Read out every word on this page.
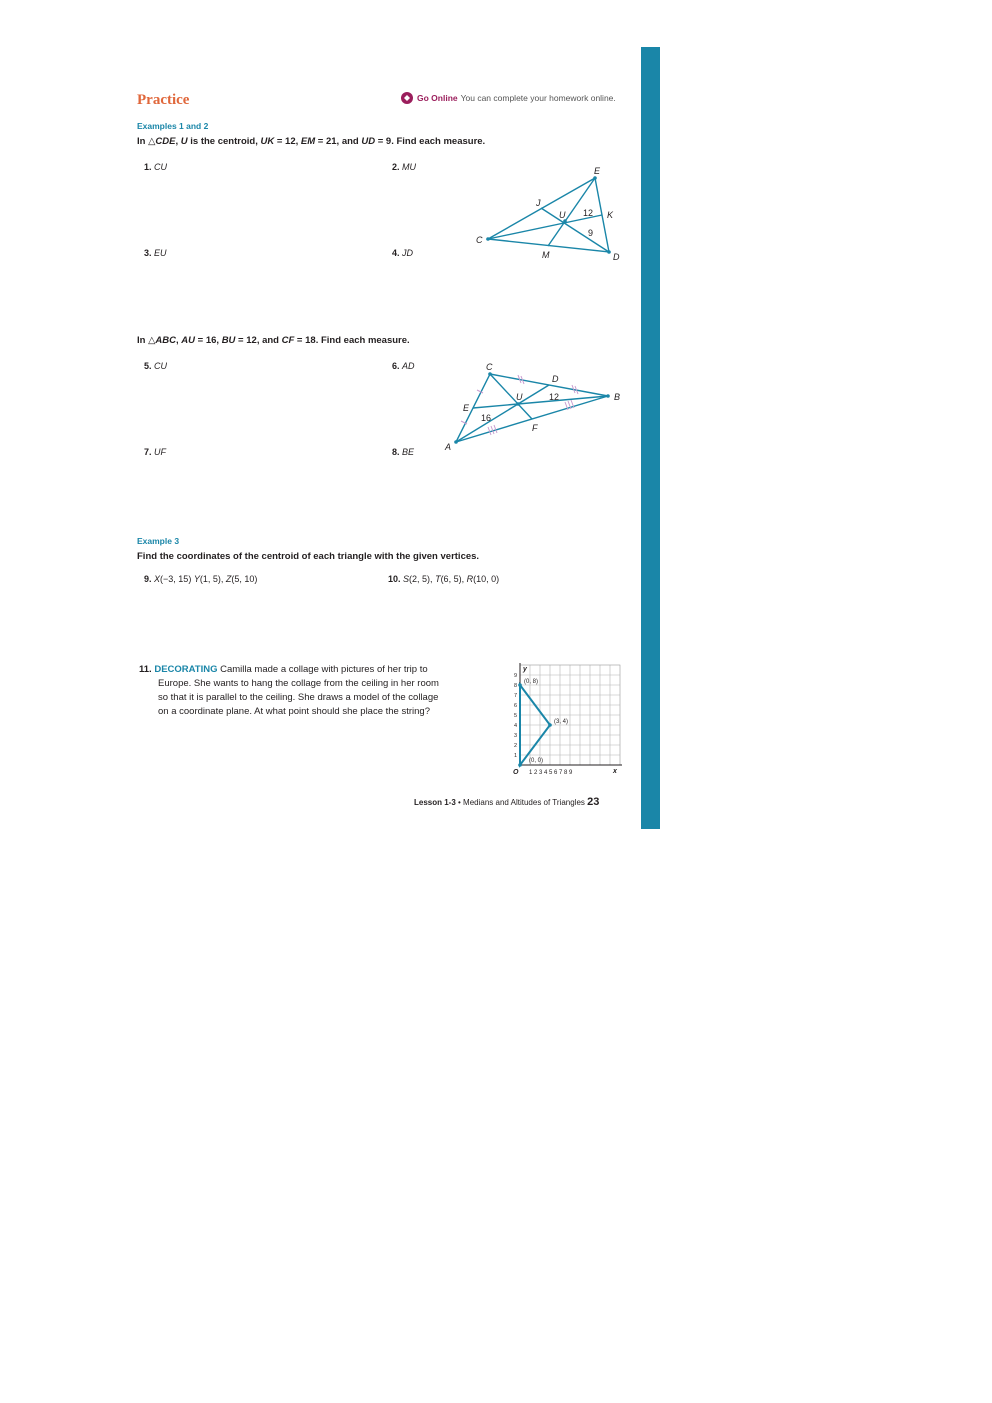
Practice	Go Online You can complete your homework online.
Examples 1 and 2
In △CDE, U is the centroid, UK = 12, EM = 21, and UD = 9. Find each measure.
1. CU	2. MU
3. EU	4. JD
E
J
U	K
C
M	D
12
9
In △ABC, AU = 16, BU = 12, and CF = 18. Find each measure.
5. CU	6. AD
7. UF	8. BE
C
D
U	B
E
F
A
12
16
Example 3
Find the coordinates of the centroid of each triangle with the given vertices.
9. X(−3, 15) Y(1, 5), Z(5, 10)	10. S(2, 5), T(6, 5), R(10, 0)
11. DECORATING Camilla made a collage with pictures of her trip to
Europe. She wants to hang the collage from the ceiling in her room
so that it is parallel to the ceiling. She draws a model of the collage
on a coordinate plane. At what point should she place the string?
(0, 8)
(3, 4)
(0, 0)
1 2 3 4 5 6 7 8 9
1
2
3
4
5
6
7
8
9
O	x
y
Lesson 1-3 • Medians and Altitudes of Triangles 23
